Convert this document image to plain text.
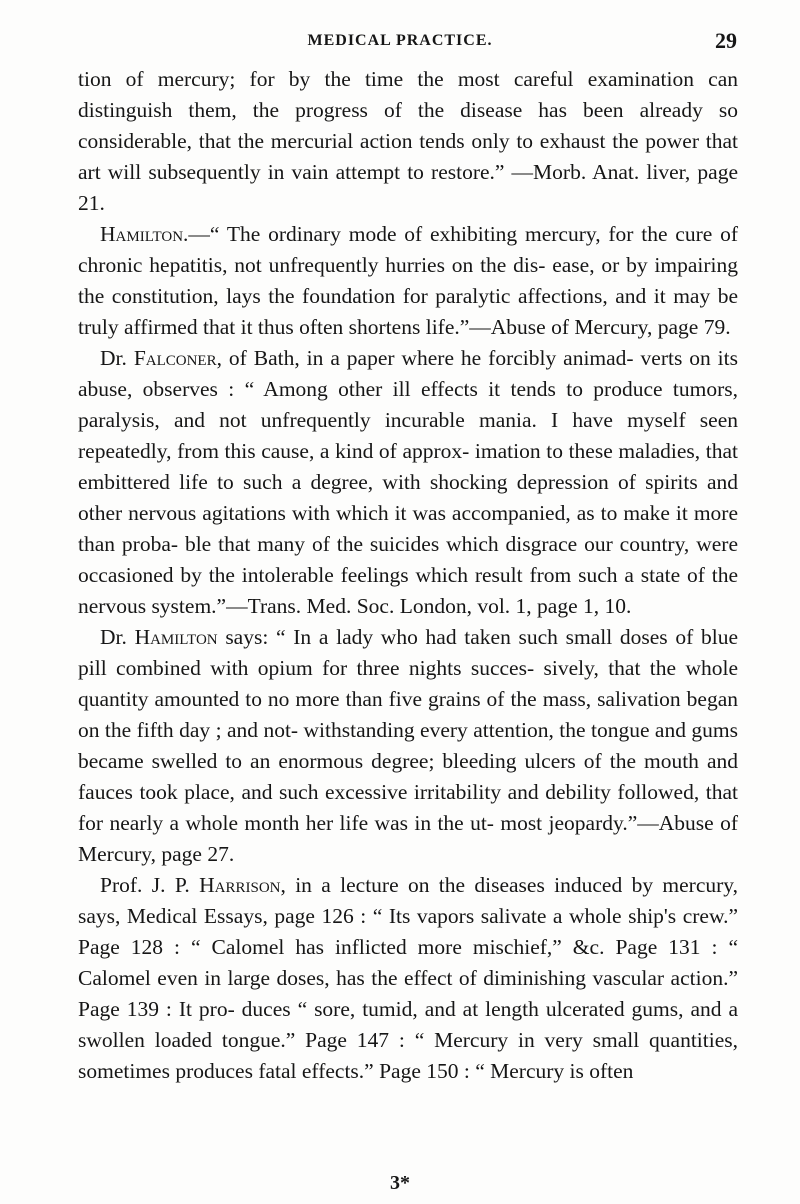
MEDICAL PRACTICE.	29

tion of mercury; for by the time the most careful examination can distinguish them, the progress of the disease has been already so considerable, that the mercurial action tends only to exhaust the power that art will subsequently in vain attempt to restore.” —Morb. Anat. liver, page 21.

Hamilton.—“ The ordinary mode of exhibiting mercury, for the cure of chronic hepatitis, not unfrequently hurries on the dis- ease, or by impairing the constitution, lays the foundation for paralytic affections, and it may be truly affirmed that it thus often shortens life.”—Abuse of Mercury, page 79.

Dr. Falconer, of Bath, in a paper where he forcibly animad- verts on its abuse, observes : “ Among other ill effects it tends to produce tumors, paralysis, and not unfrequently incurable mania. I have myself seen repeatedly, from this cause, a kind of approx- imation to these maladies, that embittered life to such a degree, with shocking depression of spirits and other nervous agitations with which it was accompanied, as to make it more than proba- ble that many of the suicides which disgrace our country, were occasioned by the intolerable feelings which result from such a state of the nervous system.”—Trans. Med. Soc. London, vol. 1, page 1, 10.

Dr. Hamilton says: “ In a lady who had taken such small doses of blue pill combined with opium for three nights succes- sively, that the whole quantity amounted to no more than five grains of the mass, salivation began on the fifth day ; and not- withstanding every attention, the tongue and gums became swelled to an enormous degree; bleeding ulcers of the mouth and fauces took place, and such excessive irritability and debility followed, that for nearly a whole month her life was in the ut- most jeopardy.”—Abuse of Mercury, page 27.

Prof. J. P. Harrison, in a lecture on the diseases induced by mercury, says, Medical Essays, page 126 : “ Its vapors salivate a whole ship's crew.” Page 128 : “ Calomel has inflicted more mischief,” &c. Page 131 : “ Calomel even in large doses, has the effect of diminishing vascular action.” Page 139 : It pro- duces “ sore, tumid, and at length ulcerated gums, and a swollen loaded tongue.” Page 147 : “ Mercury in very small quantities, sometimes produces fatal effects.” Page 150 : “ Mercury is often

3*
